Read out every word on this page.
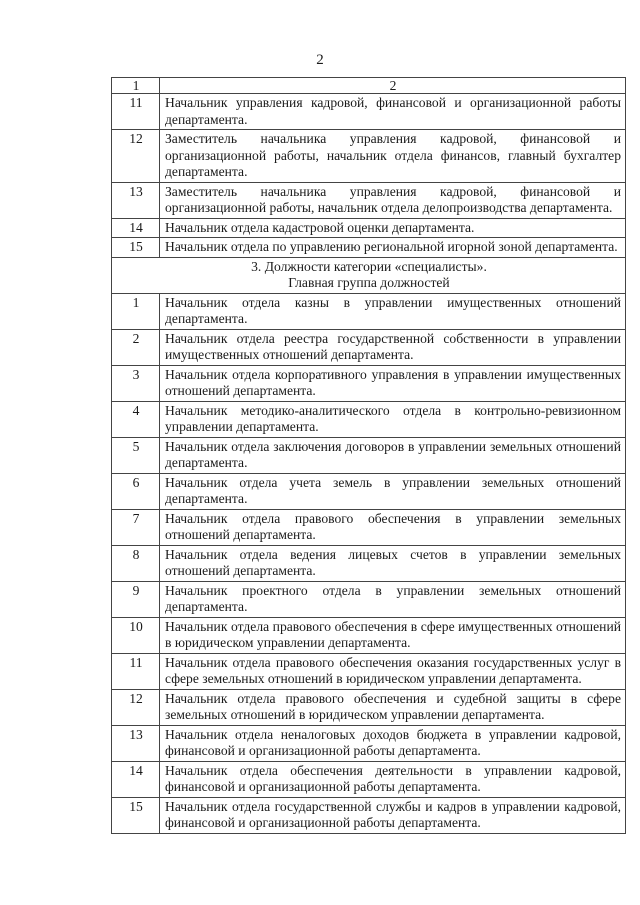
2
1	2
11	Начальник управления кадровой, финансовой и организационной работы департамента.
12	Заместитель начальника управления кадровой, финансовой и организационной работы, начальник отдела финансов, главный бухгалтер департамента.
13	Заместитель начальника управления кадровой, финансовой и организационной работы, начальник отдела делопроизводства департамента.
14	Начальник отдела кадастровой оценки департамента.
15	Начальник отдела по управлению региональной игорной зоной департамента.

3. Должности категории «специалисты».
Главная группа должностей	

1	Начальник отдела казны в управлении имущественных отношений департамента.
2	Начальник отдела реестра государственной собственности в управлении имущественных отношений департамента.
3	Начальник отдела корпоративного управления в управлении имущественных отношений департамента.
4	Начальник методико-аналитического отдела в контрольно-ревизионном управлении департамента.
5	Начальник отдела заключения договоров в управлении земельных отношений департамента.
6	Начальник отдела учета земель в управлении земельных отношений департамента.
7	Начальник отдела правового обеспечения в управлении земельных отношений департамента.
8	Начальник отдела ведения лицевых счетов в управлении земельных отношений департамента.
9	Начальник проектного отдела в управлении земельных отношений департамента.
10	Начальник отдела правового обеспечения в сфере имущественных отношений в юридическом управлении департамента.
11	Начальник отдела правового обеспечения оказания государственных услуг в сфере земельных отношений в юридическом управлении департамента.
12	Начальник отдела правового обеспечения и судебной защиты в сфере земельных отношений в юридическом управлении департамента.
13	Начальник отдела неналоговых доходов бюджета в управлении кадровой, финансовой и организационной работы департамента.
14	Начальник отдела обеспечения деятельности в управлении кадровой, финансовой и организационной работы департамента.
15	Начальник отдела государственной службы и кадров в управлении кадровой, финансовой и организационной работы департамента.
